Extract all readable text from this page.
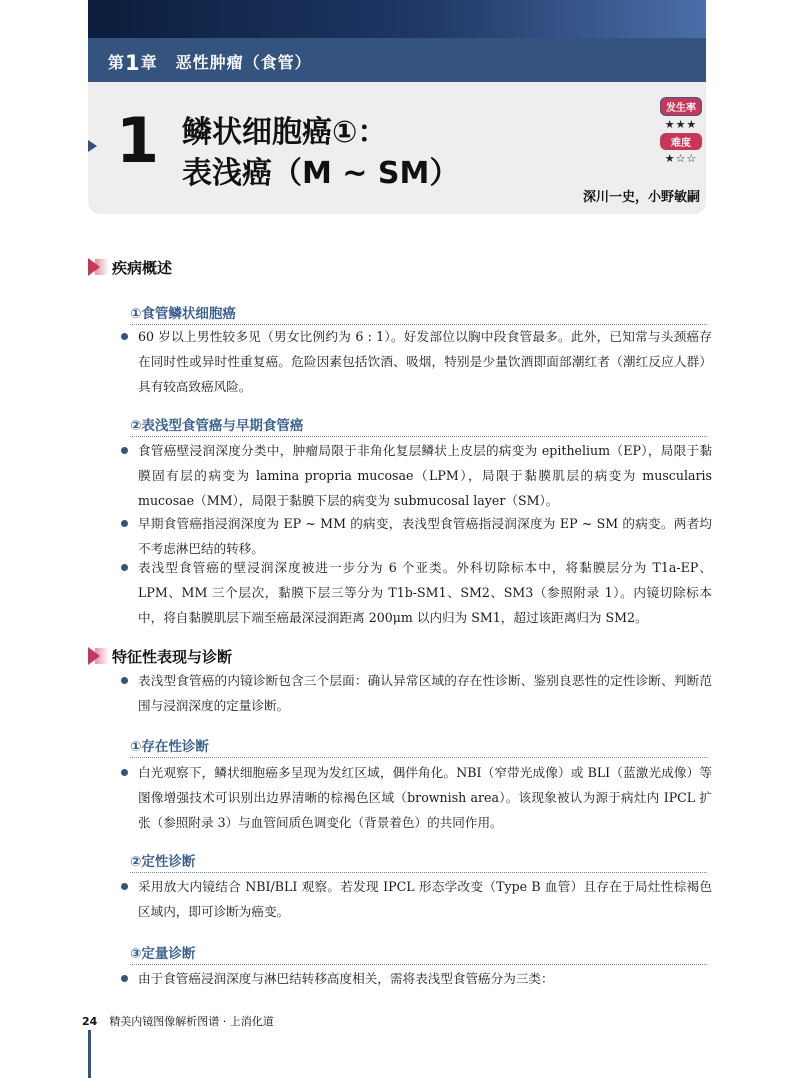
第1章 恶性肿瘤（食管）
1 鳞状细胞癌①：
表浅癌（M ~ SM）
深川一史，小野敏嗣
发生率
★★★
难度
★☆☆
疾病概述
①食管鳞状细胞癌
60 岁以上男性较多见（男女比例约为 6 : 1）。好发部位以胸中段食管最多。此外，已知常与头颈癌存在同时性或异时性重复癌。危险因素包括饮酒、吸烟，特别是少量饮酒即面部潮红者（潮红反应人群）具有较高致癌风险。
②表浅型食管癌与早期食管癌
食管癌壁浸润深度分类中，肿瘤局限于非角化复层鳞状上皮层的病变为 epithelium（EP），局限于黏膜固有层的病变为 lamina propria mucosae（LPM），局限于黏膜肌层的病变为 muscularis mucosae（MM），局限于黏膜下层的病变为 submucosal layer（SM）。
早期食管癌指浸润深度为 EP ~ MM 的病变，表浅型食管癌指浸润深度为 EP ~ SM 的病变。两者均不考虑淋巴结的转移。
表浅型食管癌的壁浸润深度被进一步分为 6 个亚类。外科切除标本中，将黏膜层分为 T1a-EP、LPM、MM 三个层次，黏膜下层三等分为 T1b-SM1、SM2、SM3（参照附录 1）。内镜切除标本中，将自黏膜肌层下端至癌最深浸润距离 200μm 以内归为 SM1，超过该距离归为 SM2。
特征性表现与诊断
表浅型食管癌的内镜诊断包含三个层面：确认异常区域的存在性诊断、鉴别良恶性的定性诊断、判断范围与浸润深度的定量诊断。
①存在性诊断
白光观察下，鳞状细胞癌多呈现为发红区域，偶伴角化。NBI（窄带光成像）或 BLI（蓝激光成像）等图像增强技术可识别出边界清晰的棕褐色区域（brownish area）。该现象被认为源于病灶内 IPCL 扩张（参照附录 3）与血管间质色调变化（背景着色）的共同作用。
②定性诊断
采用放大内镜结合 NBI/BLI 观察。若发现 IPCL 形态学改变（Type B 血管）且存在于局灶性棕褐色区域内，即可诊断为癌变。
③定量诊断
由于食管癌浸润深度与淋巴结转移高度相关，需将表浅型食管癌分为三类：
24 精美内镜图像解析图谱 · 上消化道
